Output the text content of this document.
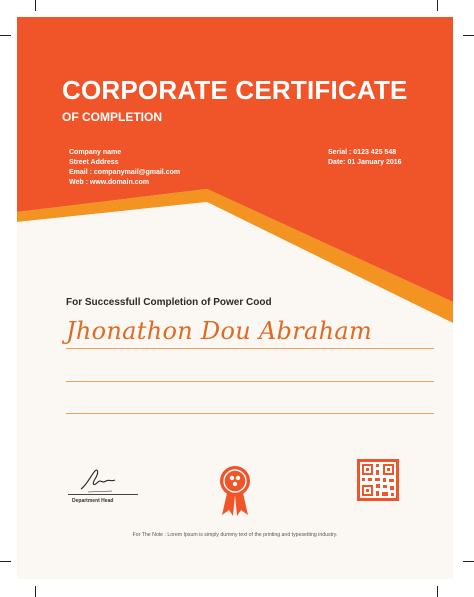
CORPORATE CERTIFICATE
OF COMPLETION
Company name
Street Address
Email : companymail@gmail.com
Web : www.domain.com
Serial : 0123 425 548
Date: 01 January 2016
For Successfull Completion of Power Cood
Jhonathon Dou Abraham
Department Head
For The Note : Lorem Ipsum is simply dummy text of the printing and typesetting industry.
